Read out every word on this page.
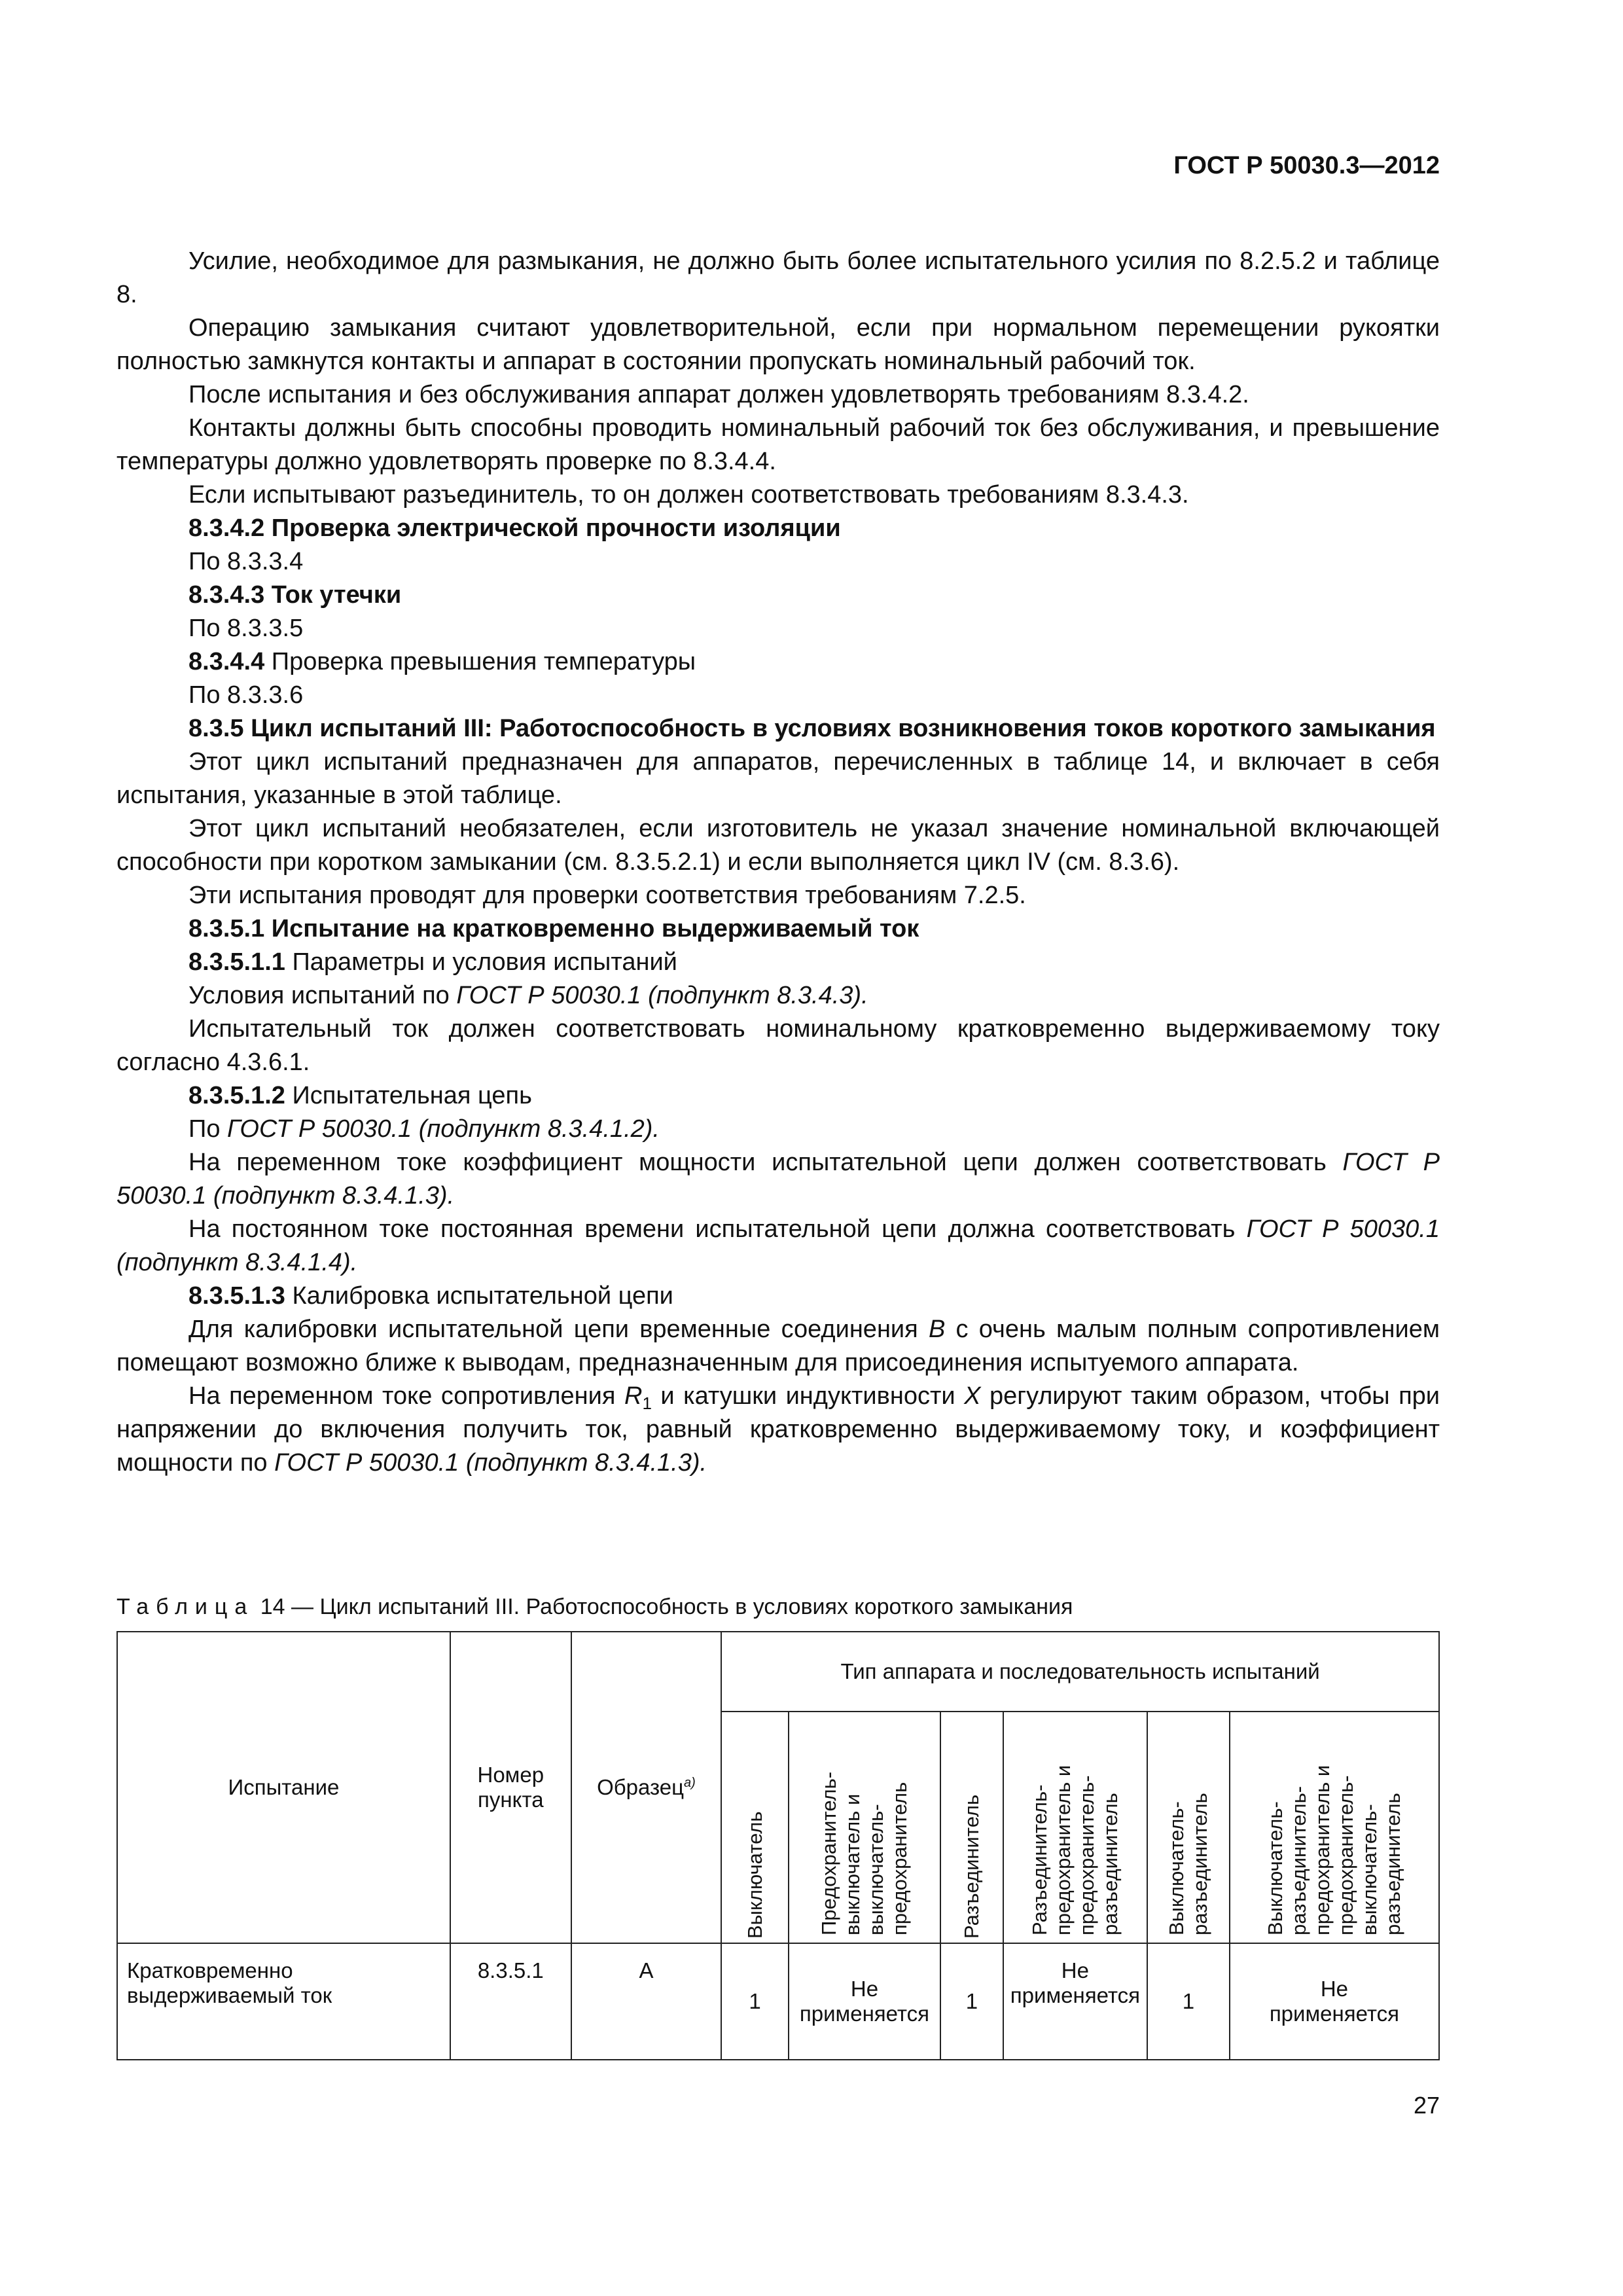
ГОСТ Р 50030.3—2012

Усилие, необходимое для размыкания, не должно быть более испытательного усилия по 8.2.5.2 и таблице 8.

Операцию замыкания считают удовлетворительной, если при нормальном перемещении рукоятки полностью замкнутся контакты и аппарат в состоянии пропускать номинальный рабочий ток.

После испытания и без обслуживания аппарат должен удовлетворять требованиям 8.3.4.2.

Контакты должны быть способны проводить номинальный рабочий ток без обслуживания, и превышение температуры должно удовлетворять проверке по 8.3.4.4.

Если испытывают разъединитель, то он должен соответствовать требованиям 8.3.4.3.

8.3.4.2 Проверка электрической прочности изоляции

По 8.3.3.4

8.3.4.3 Ток утечки

По 8.3.3.5

8.3.4.4 Проверка превышения температуры

По 8.3.3.6

8.3.5 Цикл испытаний III: Работоспособность в условиях возникновения токов короткого замыкания

Этот цикл испытаний предназначен для аппаратов, перечисленных в таблице 14, и включает в себя испытания, указанные в этой таблице.

Этот цикл испытаний необязателен, если изготовитель не указал значение номинальной включающей способности при коротком замыкании (см. 8.3.5.2.1) и если выполняется цикл IV (см. 8.3.6).

Эти испытания проводят для проверки соответствия требованиям 7.2.5.

8.3.5.1 Испытание на кратковременно выдерживаемый ток

8.3.5.1.1 Параметры и условия испытаний

Условия испытаний по ГОСТ Р 50030.1 (подпункт 8.3.4.3).

Испытательный ток должен соответствовать номинальному кратковременно выдерживаемому току согласно 4.3.6.1.

8.3.5.1.2 Испытательная цепь

По ГОСТ Р 50030.1 (подпункт 8.3.4.1.2).

На переменном токе коэффициент мощности испытательной цепи должен соответствовать ГОСТ Р 50030.1 (подпункт 8.3.4.1.3).

На постоянном токе постоянная времени испытательной цепи должна соответствовать ГОСТ Р 50030.1 (подпункт 8.3.4.1.4).

8.3.5.1.3 Калибровка испытательной цепи

Для калибровки испытательной цепи временные соединения B с очень малым полным сопротивлением помещают возможно ближе к выводам, предназначенным для присоединения испытуемого аппарата.

На переменном токе сопротивления $R_1$ и катушки индуктивности X регулируют таким образом, чтобы при напряжении до включения получить ток, равный кратковременно выдерживаемому току, и коэффициент мощности по ГОСТ Р 50030.1 (подпункт 8.3.4.1.3).

Таблица 14 — Цикл испытаний III. Работоспособность в условиях короткого замыкания
Испытание	Номер пункта	Образец$^{a)}$	Тип аппарата и последовательность испытаний					

			Выключатель	Предохранитель-выключатель и выключатель-предохранитель	Разъединитель	Разъединитель-предохранитель и предохранитель-разъединитель	Выключатель-разъединитель	Выключатель-разъединитель-предохранитель и предохранитель-выключатель-разъединитель

Кратковременно выдерживаемый ток	8.3.5.1	А	1	Не применяется	1	Не применяется	1	Не применяется
27
